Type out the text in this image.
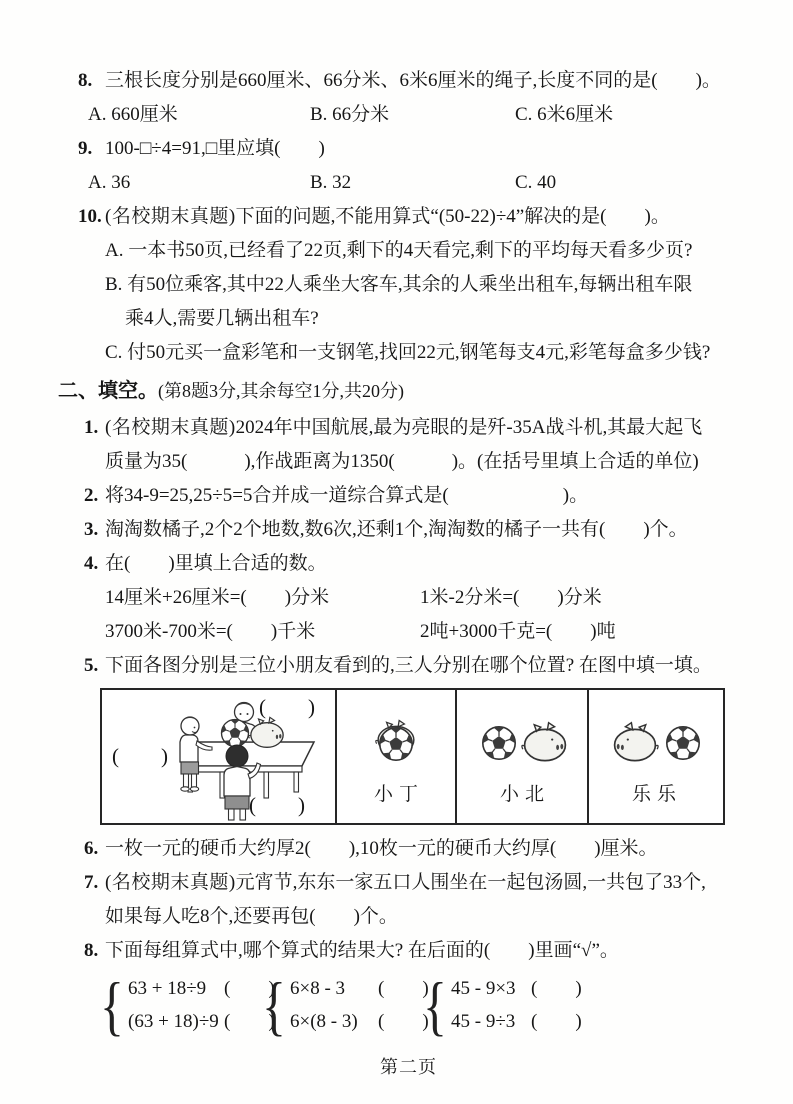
8. 三根长度分别是660厘米、66分米、6米6厘米的绳子,长度不同的是(　　)。
A. 660厘米	B. 66分米	C. 6米6厘米
9. 100-□÷4=91,□里应填(　　)
A. 36	B. 32	C. 40
10. (名校期末真题)下面的问题,不能用算式“(50-22)÷4”解决的是(　　)。
A. 一本书50页,已经看了22页,剩下的4天看完,剩下的平均每天看多少页?
B. 有50位乘客,其中22人乘坐大客车,其余的人乘坐出租车,每辆出租车限
乘4人,需要几辆出租车?
C. 付50元买一盒彩笔和一支钢笔,找回22元,钢笔每支4元,彩笔每盒多少钱?
二、填空。 (第8题3分,其余每空1分,共20分)
1. (名校期末真题)2024年中国航展,最为亮眼的是歼-35A战斗机,其最大起飞
质量为35(　　　),作战距离为1350(　　　)。(在括号里填上合适的单位)
2. 将34-9=25,25÷5=5合并成一道综合算式是(　　　　　　)。
3. 淘淘数橘子,2个2个地数,数6次,还剩1个,淘淘数的橘子一共有(　　)个。
4. 在(　　)里填上合适的数。
14厘米+26厘米=(　　)分米	1米-2分米=(　　)分米
3700米-700米=(　　)千米	2吨+3000千克=(　　)吨
5. 下面各图分别是三位小朋友看到的,三人分别在哪个位置? 在图中填一填。
(　　)
(　　)
(　　)	小丁	小北	乐乐
6. 一枚一元的硬币大约厚2(　　),10枚一元的硬币大约厚(　　)厘米。
7. (名校期末真题)元宵节,东东一家五口人围坐在一起包汤圆,一共包了33个,
如果每人吃8个,还要再包(　　)个。
8. 下面每组算式中,哪个算式的结果大? 在后面的(　　)里画“√”。
{ 63 + 18÷9 (　　)
(63 + 18)÷9 (　　)
{ 6×8 - 3	(　　)
6×(8 - 3)	(　　)
{ 45 - 9×3 (　　)
45 - 9÷3 (　　)
第二页
